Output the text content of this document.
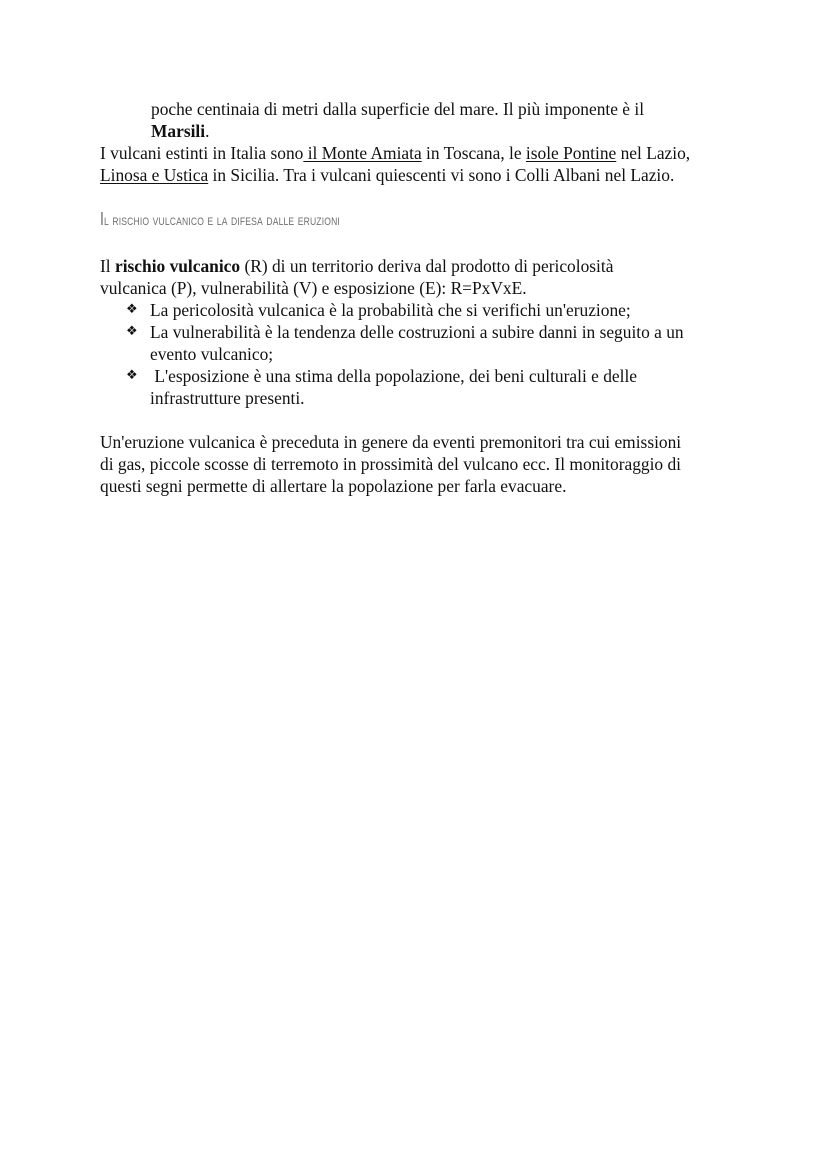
poche centinaia di metri dalla superficie del mare. Il più imponente è il
Marsili.
I vulcani estinti in Italia sono il Monte Amiata in Toscana, le isole Pontine nel Lazio,
Linosa e Ustica in Sicilia. Tra i vulcani quiescenti vi sono i Colli Albani nel Lazio.
Il rischio vulcanico e la difesa dalle eruzioni
Il rischio vulcanico (R) di un territorio deriva dal prodotto di pericolosità
vulcanica (P), vulnerabilità (V) e esposizione (E): R=PxVxE.
❖ La pericolosità vulcanica è la probabilità che si verifichi un'eruzione;
❖ La vulnerabilità è la tendenza delle costruzioni a subire danni in seguito a un
evento vulcanico;
❖ L'esposizione è una stima della popolazione, dei beni culturali e delle
infrastrutture presenti.
Un'eruzione vulcanica è preceduta in genere da eventi premonitori tra cui emissioni
di gas, piccole scosse di terremoto in prossimità del vulcano ecc. Il monitoraggio di
questi segni permette di allertare la popolazione per farla evacuare.
